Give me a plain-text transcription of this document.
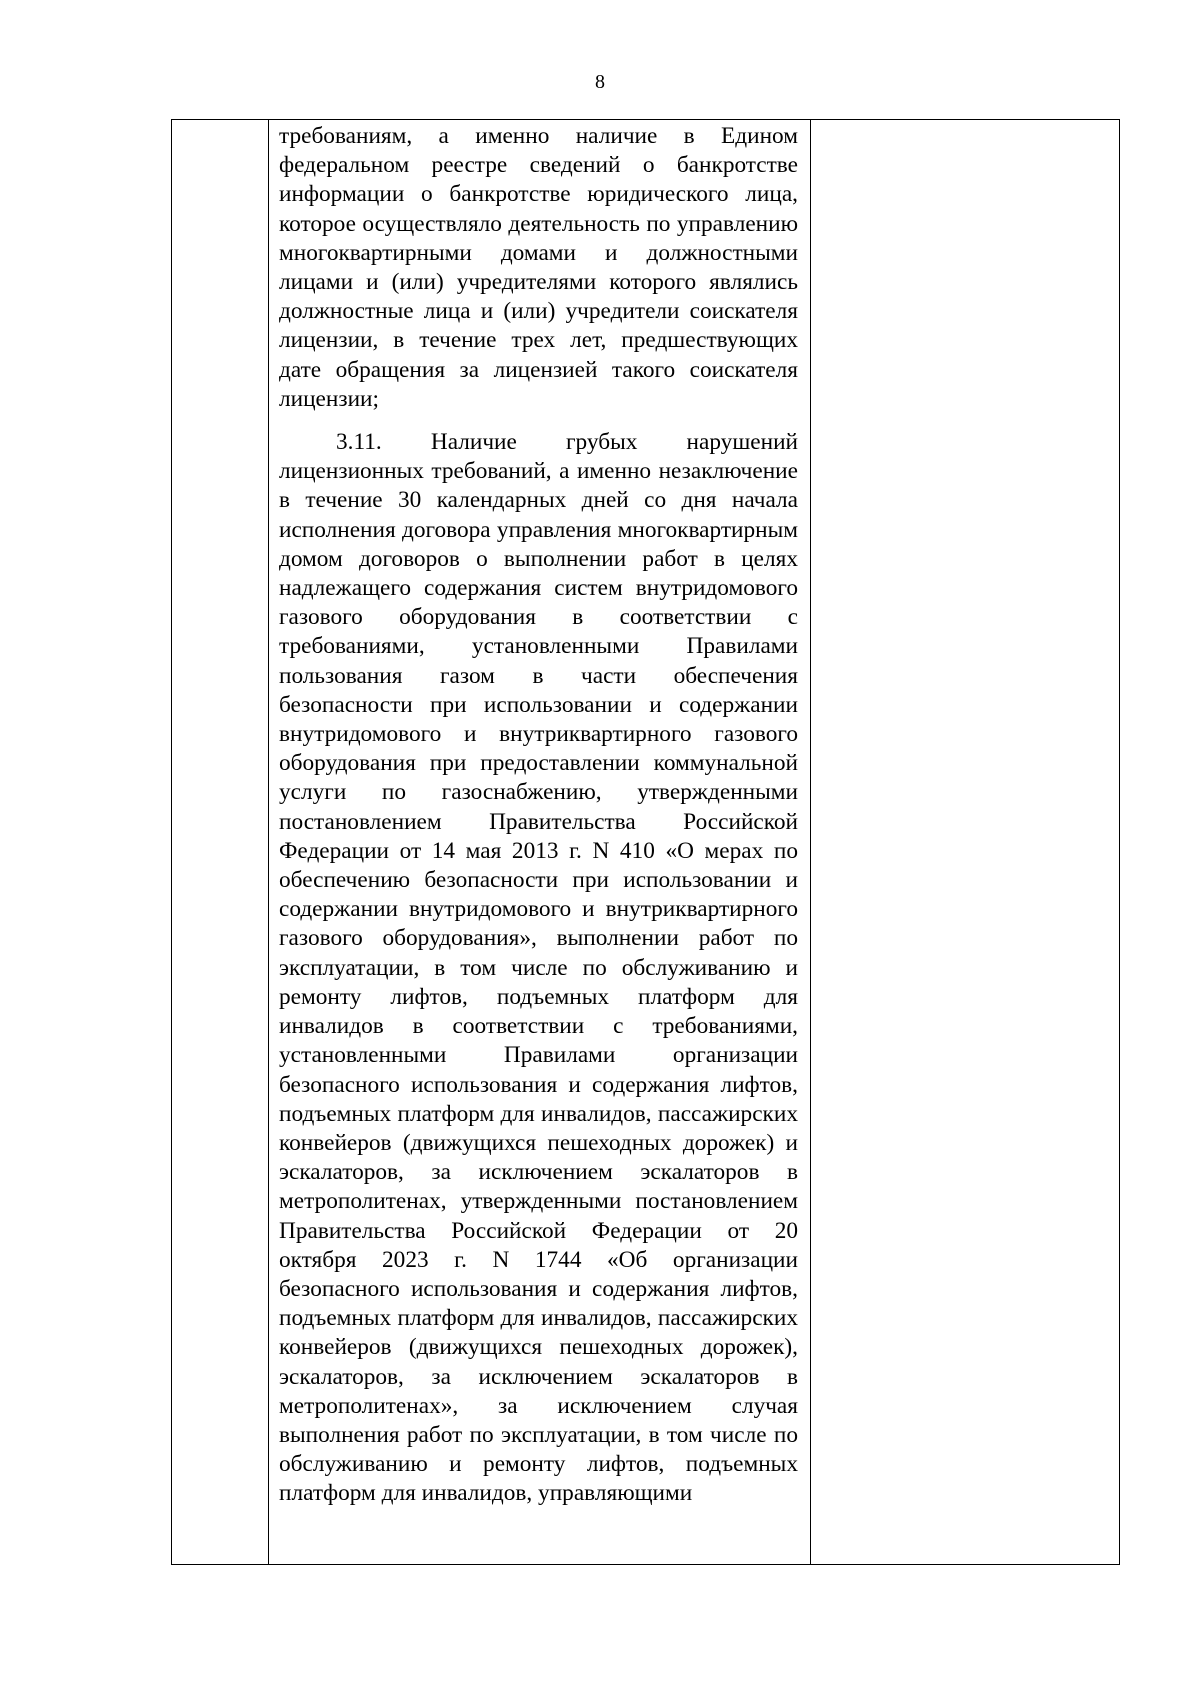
8

требованиям, а именно наличие в Едином федеральном реестре сведений о банкротстве информации о банкротстве юридического лица, которое осуществляло деятельность по управлению многоквартирными домами и должностными лицами и (или) учредителями которого являлись должностные лица и (или) учредители соискателя лицензии, в течение трех лет, предшествующих дате обращения за лицензией такого соискателя лицензии;

3.11. Наличие грубых нарушений лицензионных требований, а именно незаключение в течение 30 календарных дней со дня начала исполнения договора управления многоквартирным домом договоров о выполнении работ в целях надлежащего содержания систем внутридомового газового оборудования в соответствии с требованиями, установленными Правилами пользования газом в части обеспечения безопасности при использовании и содержании внутридомового и внутриквартирного газового оборудования при предоставлении коммунальной услуги по газоснабжению, утвержденными постановлением Правительства Российской Федерации от 14 мая 2013 г. N 410 «О мерах по обеспечению безопасности при использовании и содержании внутридомового и внутриквартирного газового оборудования», выполнении работ по эксплуатации, в том числе по обслуживанию и ремонту лифтов, подъемных платформ для инвалидов в соответствии с требованиями, установленными Правилами организации безопасного использования и содержания лифтов, подъемных платформ для инвалидов, пассажирских конвейеров (движущихся пешеходных дорожек) и эскалаторов, за исключением эскалаторов в метрополитенах, утвержденными постановлением Правительства Российской Федерации от 20 октября 2023 г. N 1744 «Об организации безопасного использования и содержания лифтов, подъемных платформ для инвалидов, пассажирских конвейеров (движущихся пешеходных дорожек), эскалаторов, за исключением эскалаторов в метрополитенах», за исключением случая выполнения работ по эксплуатации, в том числе по обслуживанию и ремонту лифтов, подъемных платформ для инвалидов, управляющими
